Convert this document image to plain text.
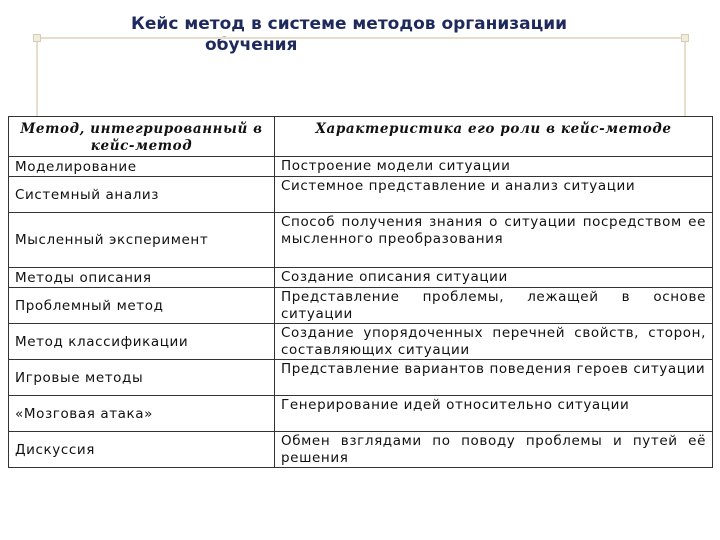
Кейс метод в системе методов организации
обучения
Метод, интегрированный в кейс-метод	Характеристика его роли в кейс-методе
Моделирование	Построение модели ситуации
Системный анализ	Системное представление и анализ ситуации
Мысленный эксперимент	Способ получения знания о ситуации посредством ее мысленного преобразования
Методы описания	Создание описания ситуации
Проблемный метод	Представление проблемы, лежащей в основе ситуации
Метод классификации	Создание упорядоченных перечней свойств, сторон, составляющих ситуации
Игровые методы	Представление вариантов поведения героев ситуации
«Мозговая атака»	Генерирование идей относительно ситуации
Дискуссия	Обмен взглядами по поводу проблемы и путей её решения
